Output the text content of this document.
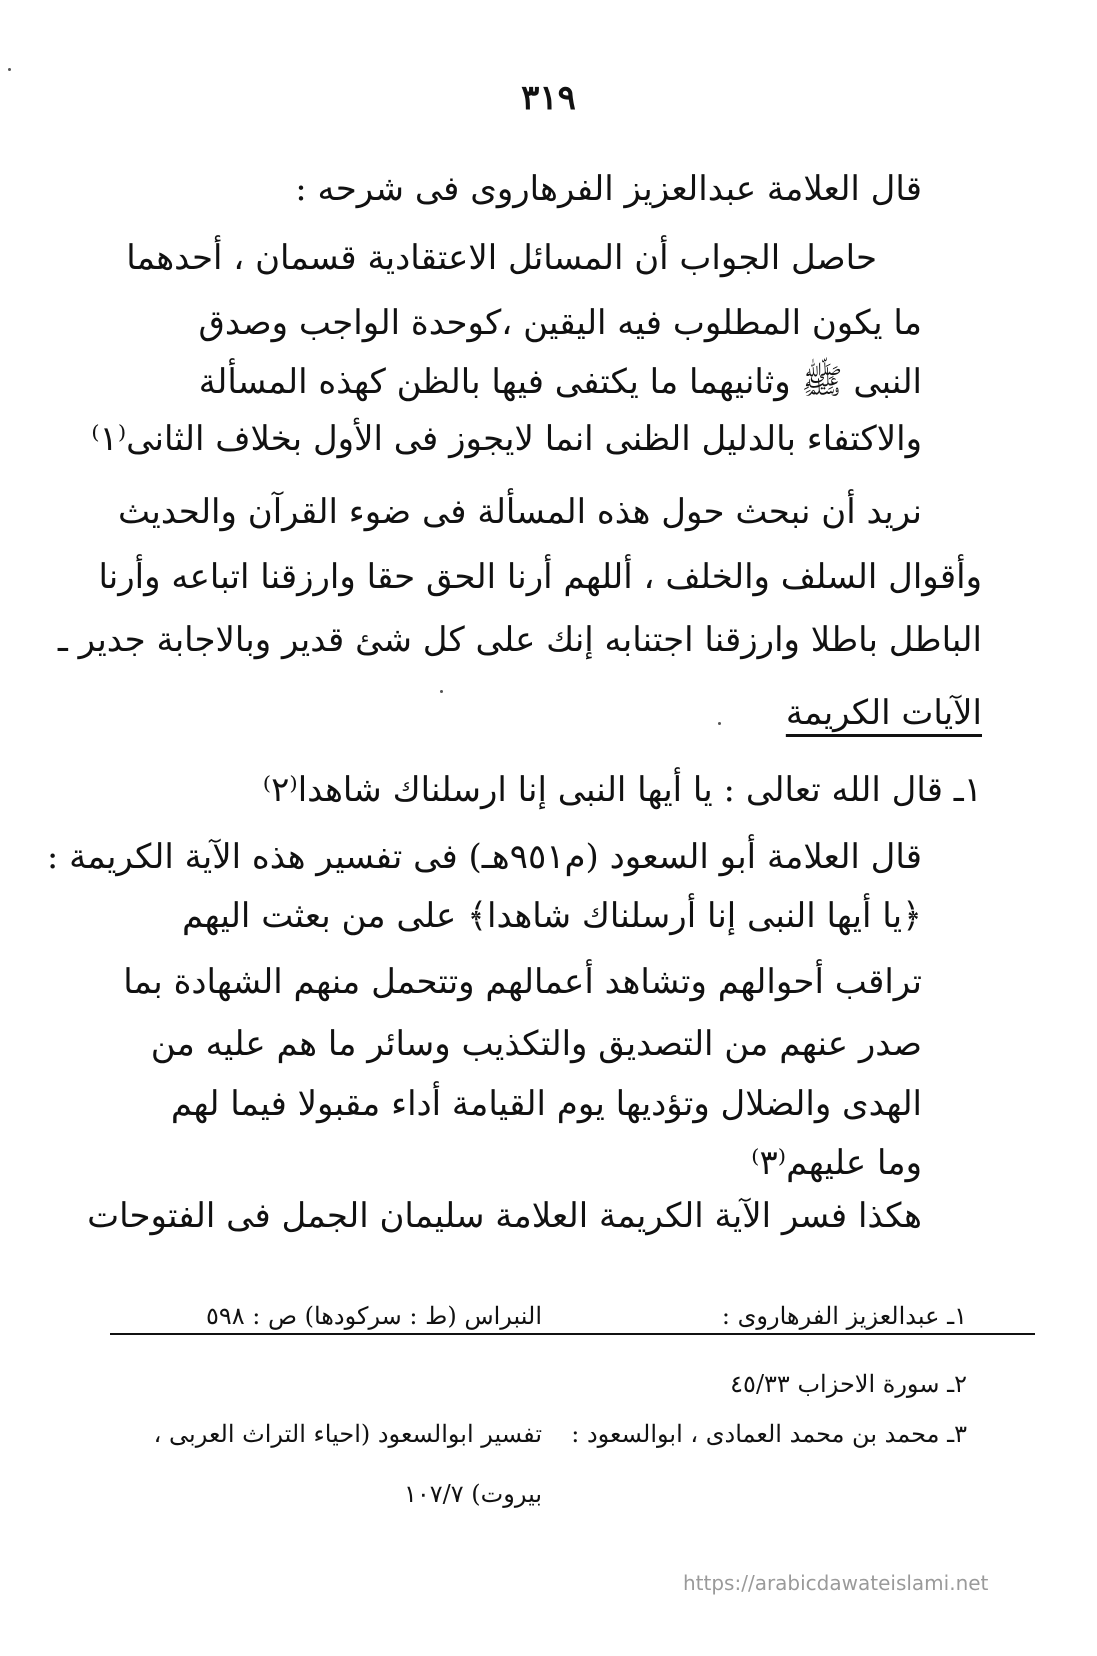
٣١٩
قال العلامة عبدالعزيز الفرهاروى فى شرحه :
حاصل الجواب أن المسائل الاعتقادية قسمان ، أحدهما
ما يكون المطلوب فيه اليقين ،كوحدة الواجب وصدق
النبى ﷺ وثانيهما ما يكتفى فيها بالظن كهذه المسألة
والاكتفاء بالدليل الظنى انما لايجوز فى الأول بخلاف الثانى⁽١⁾
نريد أن نبحث حول هذه المسألة فى ضوء القرآن والحديث
وأقوال السلف والخلف ، أللهم أرنا الحق حقا وارزقنا اتباعه وأرنا
الباطل باطلا وارزقنا اجتنابه إنك على كل شئ قدير وبالاجابة جدير ـ
الآيات الكريمة
١ـ قال الله تعالى : يا أيها النبى إنا ارسلناك شاهدا⁽٢⁾
قال العلامة أبو السعود (م٩٥١هـ) فى تفسير هذه الآية الكريمة :
﴿يا أيها النبى إنا أرسلناك شاهدا﴾ على من بعثت اليهم
تراقب أحوالهم وتشاهد أعمالهم وتتحمل منهم الشهادة بما
صدر عنهم من التصديق والتكذيب وسائر ما هم عليه من
الهدى والضلال وتؤديها يوم القيامة أداء مقبولا فيما لهم
وما عليهم⁽٣⁾
هكذا فسر الآية الكريمة العلامة سليمان الجمل فى الفتوحات
١ـ عبدالعزيز الفرهاروى :
النبراس (ط : سركودها) ص : ٥٩٨
٢ـ سورة الاحزاب ٤٥/٣٣
٣ـ محمد بن محمد العمادى ، ابوالسعود :
تفسير ابوالسعود (احياء التراث العربى ،
بيروت) ١٠٧/٧
https://arabicdawateislami.net
